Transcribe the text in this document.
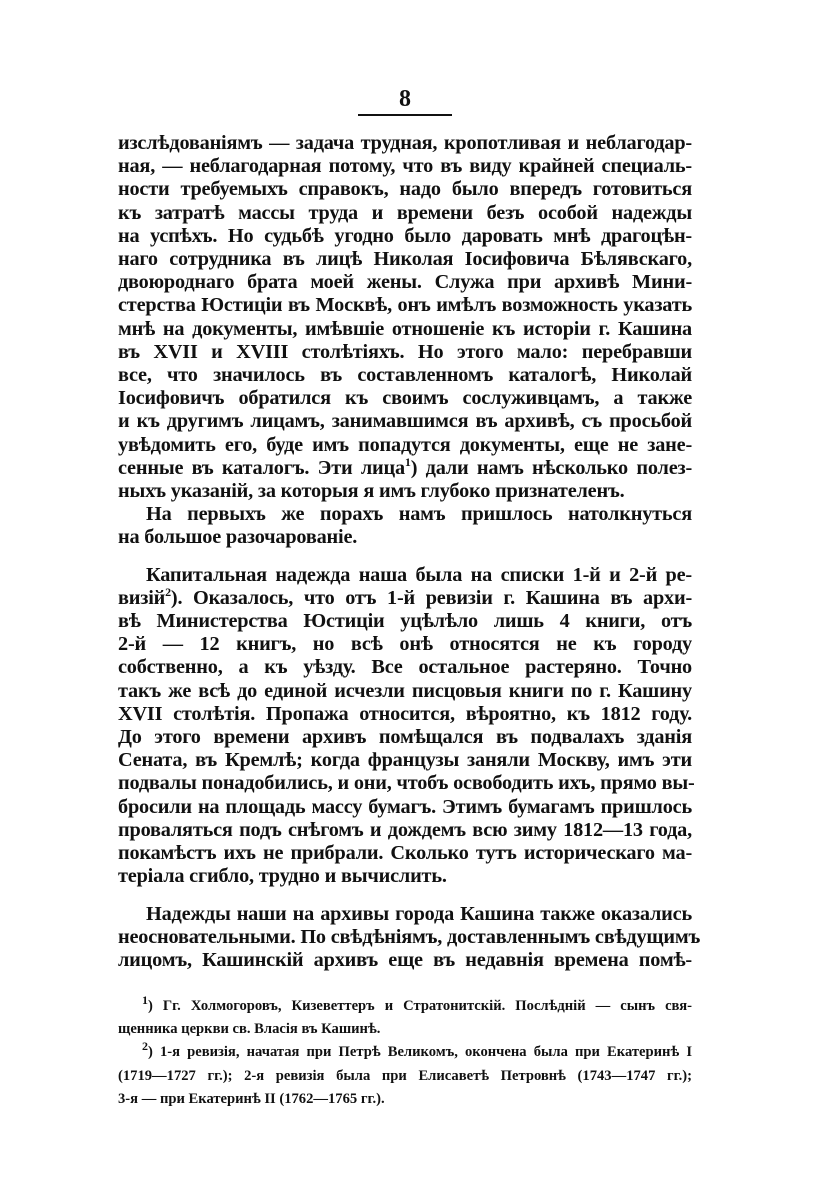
8

изслѣдованіямъ — задача трудная, кропотливая и неблагодар-

ная, — неблагодарная потому, что въ виду крайней специаль-

ности требуемыхъ справокъ, надо было впередъ готовиться

къ затратѣ массы труда и времени безъ особой надежды

на успѣхъ. Но судьбѣ угодно было даровать мнѣ драгоцѣн-

наго сотрудника въ лицѣ Николая Іосифовича Бѣлявскаго,

двоюроднаго брата моей жены. Служа при архивѣ Мини-

стерства Юстиціи въ Москвѣ, онъ имѣлъ возможность указать

мнѣ на документы, имѣвшіе отношеніе къ исторіи г. Кашина

въ XVII и XVIII столѣтіяхъ. Но этого мало: перебравши

все, что значилось въ составленномъ каталогѣ, Николай

Іосифовичъ обратился къ своимъ сослуживцамъ, а также

и къ другимъ лицамъ, занимавшимся въ архивѣ, съ просьбой

увѣдомить его, буде имъ попадутся документы, еще не зане-

сенные въ каталогъ. Эти лица$^1$) дали намъ нѣсколько полез-

ныхъ указаній, за которыя я имъ глубоко признателенъ.

На первыхъ же порахъ намъ пришлось натолкнуться

на большое разочарованіе.

Капитальная надежда наша была на списки 1-й и 2-й ре-

визій$^2$). Оказалось, что отъ 1-й ревизіи г. Кашина въ архи-

вѣ Министерства Юстиціи уцѣлѣло лишь 4 книги, отъ

2-й — 12 книгъ, но всѣ онѣ относятся не къ городу

собственно, а къ уѣзду. Все остальное растеряно. Точно

такъ же всѣ до единой исчезли писцовыя книги по г. Кашину

XVII столѣтія. Пропажа относится, вѣроятно, къ 1812 году.

До этого времени архивъ помѣщался въ подвалахъ зданія

Сената, въ Кремлѣ; когда французы заняли Москву, имъ эти

подвалы понадобились, и они, чтобъ освободить ихъ, прямо вы-

бросили на площадь массу бумагъ. Этимъ бумагамъ пришлось

проваляться подъ снѣгомъ и дождемъ всю зиму 1812—13 года,

покамѣстъ ихъ не прибрали. Сколько тутъ историческаго ма-

теріала сгибло, трудно и вычислить.

Надежды наши на архивы города Кашина также оказались

неосновательными. По свѣдѣніямъ, доставленнымъ свѣдущимъ

лицомъ, Кашинскій архивъ еще въ недавнія времена помѣ-

$^1$) Гг. Холмогоровъ, Кизеветтеръ и Стратонитскій. Послѣдній — сынъ свя-

щенника церкви св. Власія въ Кашинѣ.

$^2$) 1-я ревизія, начатая при Петрѣ Великомъ, окончена была при Екатеринѣ I

(1719—1727 гг.); 2-я ревизія была при Елисаветѣ Петровнѣ (1743—1747 гг.);

3-я — при Екатеринѣ II (1762—1765 гг.).
